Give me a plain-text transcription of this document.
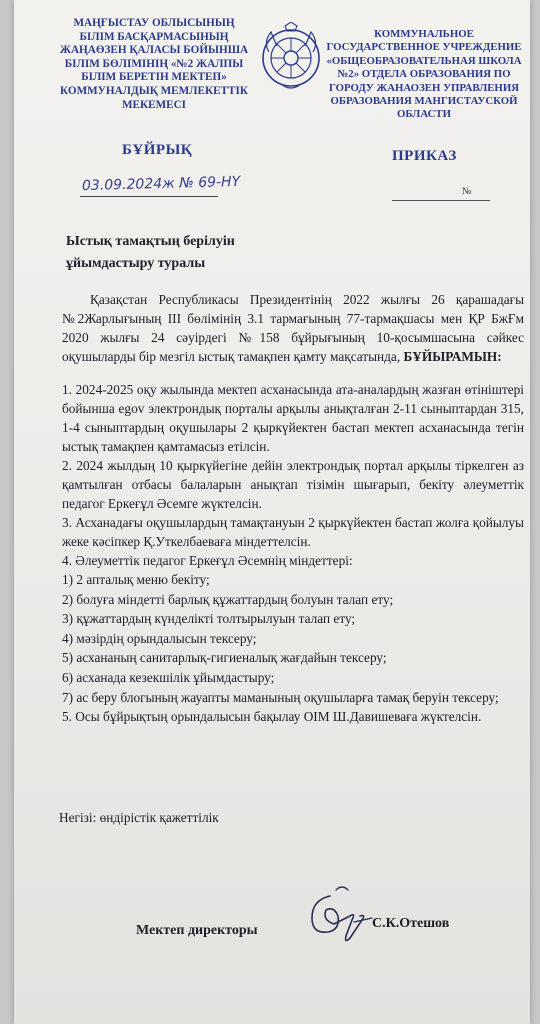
МАҢҒЫСТАУ ОБЛЫСЫНЫҢ
БІЛІМ БАСҚАРМАСЫНЫҢ
ЖАҢАӨЗЕН ҚАЛАСЫ БОЙЫНША
БІЛІМ БӨЛІМІНІҢ «№2 ЖАЛПЫ
БІЛІМ БЕРЕТІН МЕКТЕП»
КОММУНАЛДЫҚ МЕМЛЕКЕТТІК
МЕКЕМЕСІ
КОММУНАЛЬНОЕ
ГОСУДАРСТВЕННОЕ УЧРЕЖДЕНИЕ
«ОБЩЕОБРАЗОВАТЕЛЬНАЯ ШКОЛА
№2» ОТДЕЛА ОБРАЗОВАНИЯ ПО
ГОРОДУ ЖАНАОЗЕН УПРАВЛЕНИЯ
ОБРАЗОВАНИЯ МАНГИСТАУСКОЙ
ОБЛАСТИ
БҰЙРЫҚ	ПРИКАЗ
03.09.2024ж № 69-НҮ	№
Ыстық тамақтың берілуін
ұйымдастыру туралы

Қазақстан Республикасы Президентінің 2022 жылғы 26 қарашадағы №2Жарлығының ІІІ бөлімінің 3.1 тармағының 77-тармақшасы мен ҚР БжҒм 2020 жылғы 24 сәуірдегі №158 бұйрығының 10-қосымшасына сәйкес оқушыларды бір мезгіл ыстық тамақпен қамту мақсатында, БҰЙЫРАМЫН:

1. 2024-2025 оқу жылында мектеп асханасында ата-аналардың жазған өтініштері бойынша egov электрондық порталы арқылы анықталған 2-11 сыныптардан 315, 1-4 сыныптардың оқушылары 2 қыркүйектен бастап мектеп асханасында тегін ыстық тамақпен қамтамасыз етілсін.

2. 2024 жылдың 10 қыркүйегіне дейін электрондық портал арқылы тіркелген аз қамтылған отбасы балаларын анықтап тізімін шығарып, бекіту әлеуметтік педагог Еркеғұл Әсемге жүктелсін.

3. Асханадағы оқушылардың тамақтануын 2 қыркүйектен бастап жолға қойылуы жеке кәсіпкер Қ.Уткелбаеваға міндеттелсін.

4. Әлеуметтік педагог Еркеғұл Әсемнің міндеттері:

1) 2 апталық меню бекіту;
2) болуға міндетті барлық құжаттардың болуын талап ету;
3) құжаттардың күнделікті толтырылуын талап ету;
4) мәзірдің орындалысын тексеру;
5) асхананың санитарлық-гигиеналық жағдайын тексеру;
6) асханада кезекшілік ұйымдастыру;
7) ас беру блогының жауапты маманының оқушыларға тамақ беруін тексеру;
5. Осы бұйрықтың орындалысын бақылау ОІМ Ш.Давишеваға жүктелсін.
Негізі: өндірістік қажеттілік
Мектеп директоры	С.К.Отешов
